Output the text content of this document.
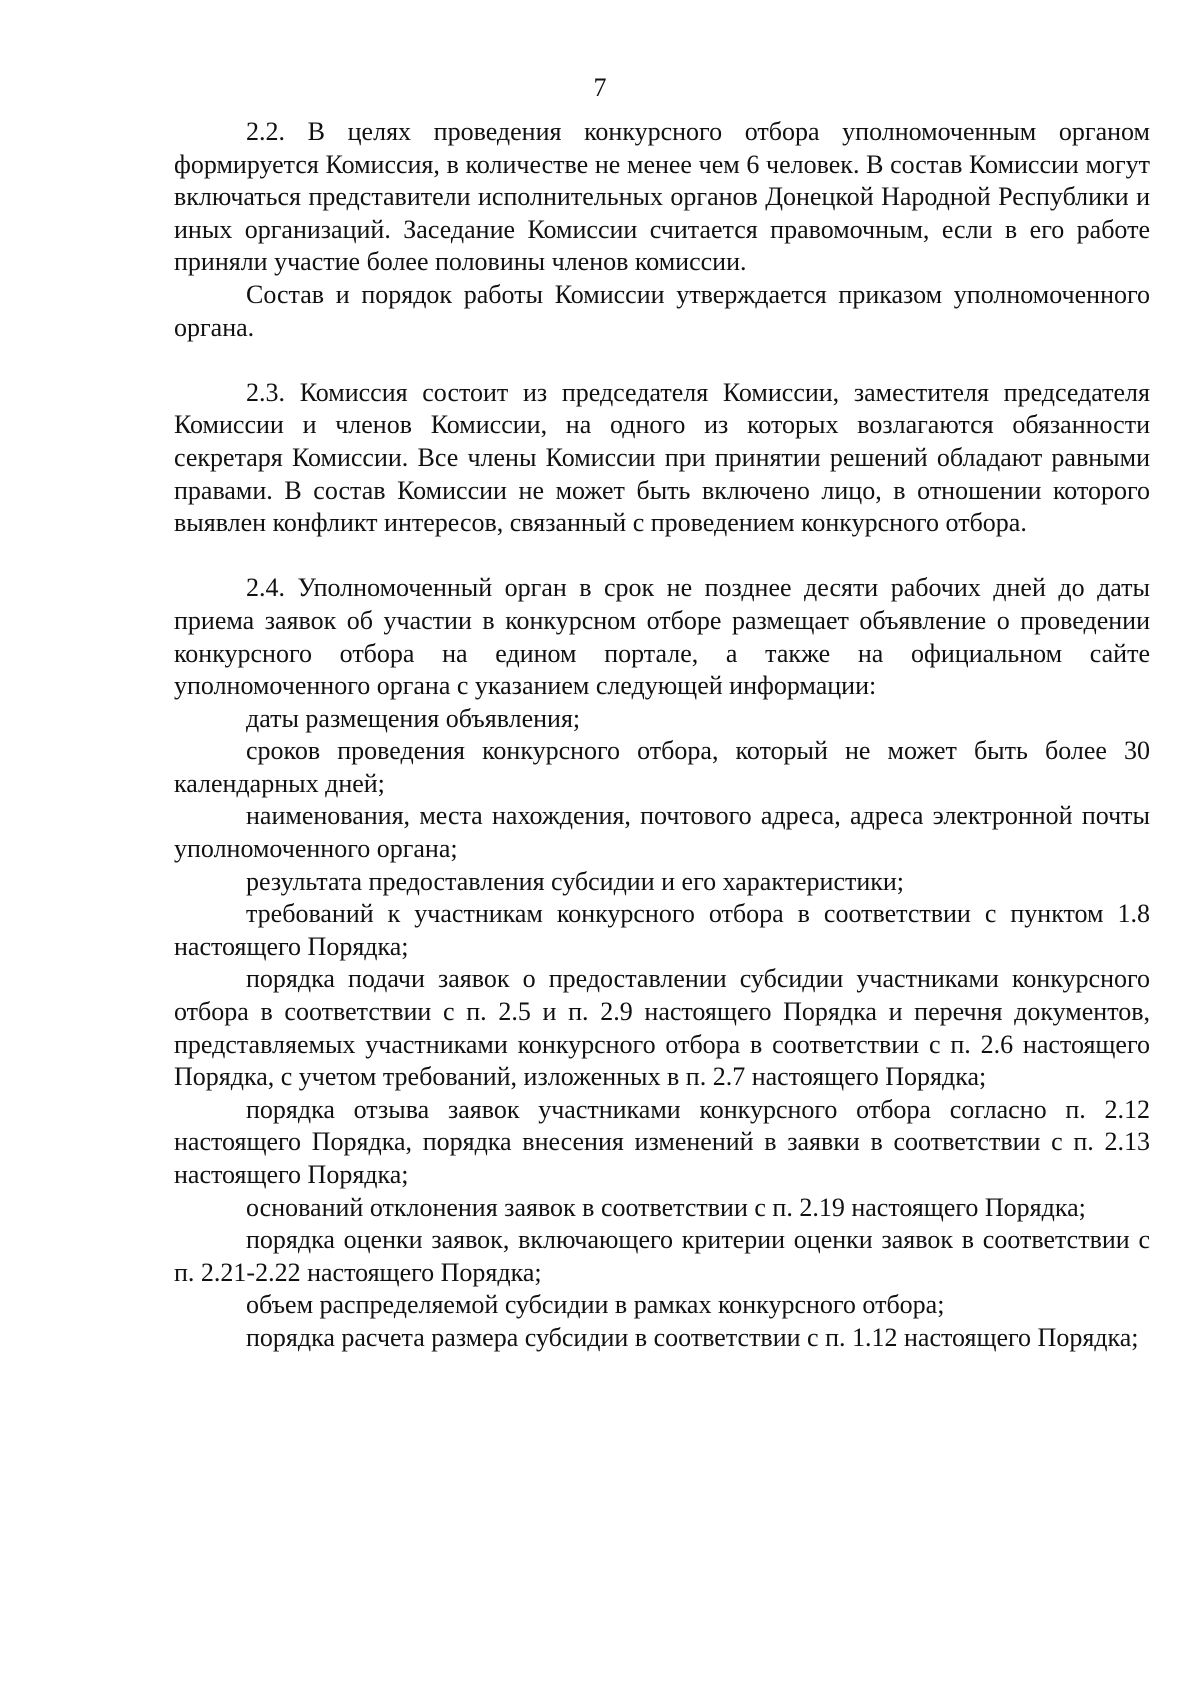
7

2.2. В целях проведения конкурсного отбора уполномоченным органом формируется Комиссия, в количестве не менее чем 6 человек. В состав Комиссии могут включаться представители исполнительных органов Донецкой Народной Республики и иных организаций. Заседание Комиссии считается правомочным, если в его работе приняли участие более половины членов комиссии.

Состав и порядок работы Комиссии утверждается приказом уполномоченного органа.

2.3. Комиссия состоит из председателя Комиссии, заместителя председателя Комиссии и членов Комиссии, на одного из которых возлагаются обязанности секретаря Комиссии. Все члены Комиссии при принятии решений обладают равными правами. В состав Комиссии не может быть включено лицо, в отношении которого выявлен конфликт интересов, связанный с проведением конкурсного отбора.

2.4. Уполномоченный орган в срок не позднее десяти рабочих дней до даты приема заявок об участии в конкурсном отборе размещает объявление о проведении конкурсного отбора на едином портале, а также на официальном сайте уполномоченного органа с указанием следующей информации:

даты размещения объявления;

сроков проведения конкурсного отбора, который не может быть более 30 календарных дней;

наименования, места нахождения, почтового адреса, адреса электронной почты уполномоченного органа;

результата предоставления субсидии и его характеристики;

требований к участникам конкурсного отбора в соответствии с пунктом 1.8 настоящего Порядка;

порядка подачи заявок о предоставлении субсидии участниками конкурсного отбора в соответствии с п. 2.5 и п. 2.9 настоящего Порядка и перечня документов, представляемых участниками конкурсного отбора в соответствии с п. 2.6 настоящего Порядка, с учетом требований, изложенных в п. 2.7 настоящего Порядка;

порядка отзыва заявок участниками конкурсного отбора согласно п. 2.12 настоящего Порядка, порядка внесения изменений в заявки в соответствии с п. 2.13 настоящего Порядка;

оснований отклонения заявок в соответствии с п. 2.19 настоящего Порядка;

порядка оценки заявок, включающего критерии оценки заявок в соответствии с п. 2.21-2.22 настоящего Порядка;

объем распределяемой субсидии в рамках конкурсного отбора;

порядка расчета размера субсидии в соответствии с п. 1.12 настоящего Порядка;
